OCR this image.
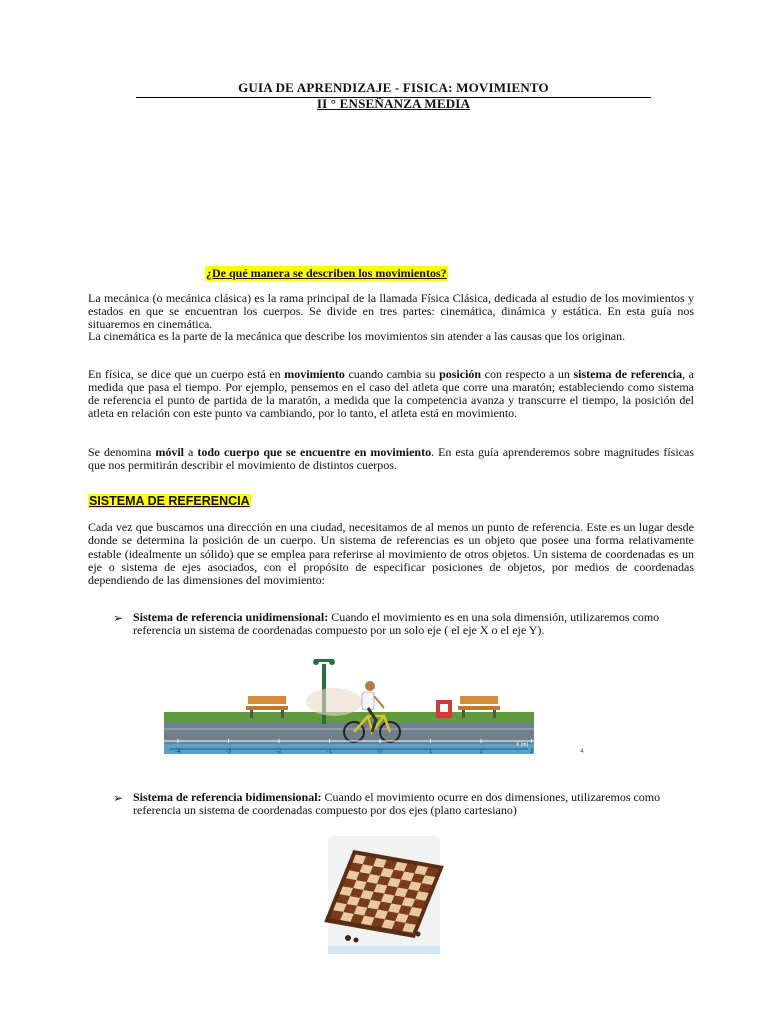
GUIA DE APRENDIZAJE - FISICA: MOVIMIENTO
II ° ENSEÑANZA MEDIA
¿De qué manera se describen los movimientos?
La mecánica (o mecánica clásica) es la rama principal de la llamada Física Clásica, dedicada al estudio de los movimientos y estados en que se encuentran los cuerpos. Se divide en tres partes: cinemática, dinámica y estática. En esta guía nos situaremos en cinemática.
La cinemática es la parte de la mecánica que describe los movimientos sin atender a las causas que los originan.
En física, se dice que un cuerpo está en movimiento cuando cambia su posición con respecto a un sistema de referencia, a medida que pasa el tiempo. Por ejemplo, pensemos en el caso del atleta que corre una maratón; estableciendo como sistema de referencia el punto de partida de la maratón, a medida que la competencia avanza y transcurre el tiempo, la posición del atleta en relación con este punto va cambiando, por lo tanto, el atleta está en movimiento.
Se denomina móvil a todo cuerpo que se encuentre en movimiento. En esta guía aprenderemos sobre magnitudes físicas que nos permitirán describir el movimiento de distintos cuerpos.
SISTEMA DE REFERENCIA
Cada vez que buscamos una dirección en una ciudad, necesitamos de al menos un punto de referencia. Este es un lugar desde donde se determina la posición de un cuerpo. Un sistema de referencias es un objeto que posee una forma relativamente estable (idealmente un sólido) que se emplea para referirse al movimiento de otros objetos. Un sistema de coordenadas es un eje o sistema de ejes asociados, con el propósito de especificar posiciones de objetos, por medios de coordenadas dependiendo de las dimensiones del movimiento:
➢ Sistema de referencia unidimensional: Cuando el movimiento es en una sola dimensión, utilizaremos como referencia un sistema de coordenadas compuesto por un solo eje ( el eje X o el eje Y).
-4	-3	-2	-1	0	1	2	3	4
X (m)
➢ Sistema de referencia bidimensional: Cuando el movimiento ocurre en dos dimensiones, utilizaremos como referencia un sistema de coordenadas compuesto por dos ejes (plano cartesiano)
